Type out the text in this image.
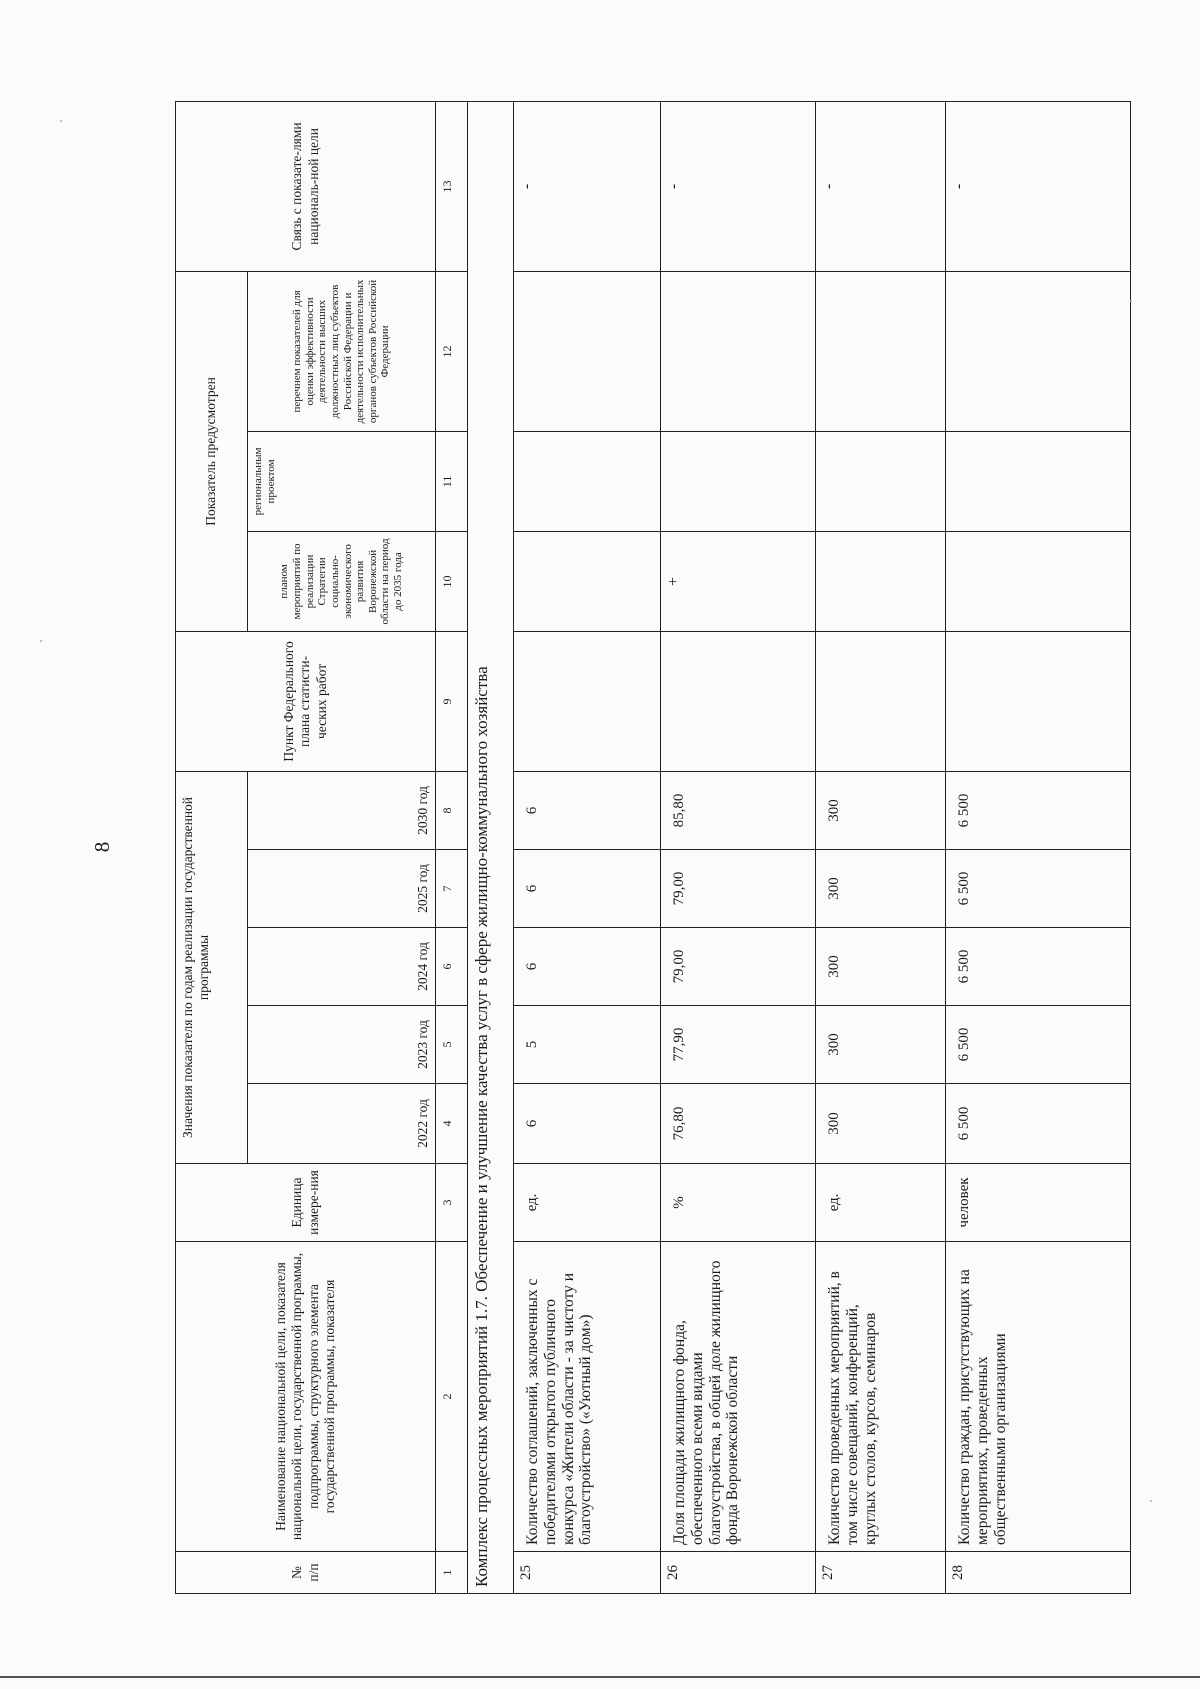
8
№
п/п	Наименование национальной цели, показателя национальной цели, государственной программы, подпрограммы, структурного элемента государственной программы, показателя	Единица измере-ния	Значения показателя по годам реализации государственной программы					Пункт Федерального плана статисти-ческих работ	Показатель предусмотрен			Связь с показате-лями националь-ной цели
			2022 год	2023 год	2024 год	2025 год	2030 год		планом мероприятий по реализации Стратегии социально-экономического развития Воронежской области на период до 2035 года	региональным проектом	перечнем показателей для оценки эффективности деятельности высших должностных лиц субъектов Российской Федерации и деятельности исполнительных органов субъектов Российской Федерации	
1	2	3	4	5	6	7	8	9	10	11	12	13
Комплекс процессных мероприятий 1.7. Обеспечение и улучшение качества услуг в сфере жилищно-коммунального хозяйства												
25	Количество соглашений, заключенных с победителями открытого публичного конкурса «Жители области - за чистоту и благоустройство» («Уютный дом»)	ед.	6	5	6	6	6					-
26	Доля площади жилищного фонда, обеспеченного всеми видами благоустройства, в общей доле жилищного фонда Воронежской области	%	76,80	77,90	79,00	79,00	85,80		+			-
27	Количество проведенных мероприятий, в том числе совещаний, конференций, круглых столов, курсов, семинаров	ед.	300	300	300	300	300					-
28	Количество граждан, присутствующих на мероприятиях, проведенных общественными организациями	человек	6 500	6 500	6 500	6 500	6 500					-
